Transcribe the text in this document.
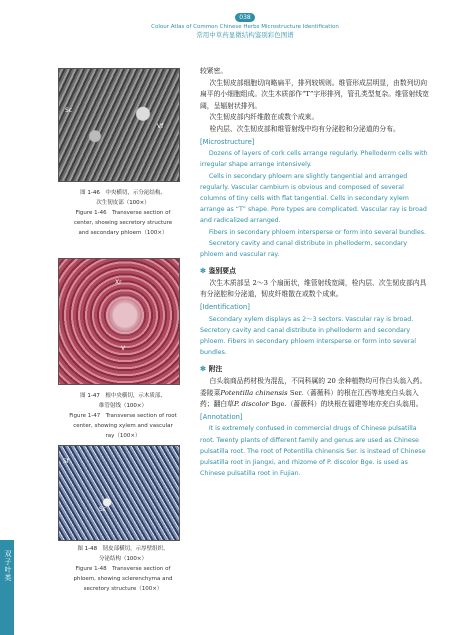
038
Colour Atlas of Common Chinese Herbs Microstructure Identification
常用中草药显微结构鉴别彩色图谱
Sc
Vf
图 1-46　中央横切，示分泌结构、
次生韧皮部（100×）
Figure 1-46　Transverse section of
center, showing secretory structure
and secondary phloem（100×）
Xr
V
图 1-47　根中央横切，示木质部、
维管射线（100×）
Figure 1-47　Transverse section of root
center, showing xylem and vascular
ray（100×）
Sf
Sc
图 1-48　韧皮部横切，示厚壁组织、
分泌结构（100×）
Figure 1-48　Transverse section of
phloem, showing sclerenchyma and
secretory structure（100×）

较紧密。

次生韧皮部细胞切向略扁平，排列较规则。维管形成层明显，由数列切向扁平的小细胞组成。次生木质部作“T”字形排列，管孔类型复杂。维管射线宽阔，呈辐射状排列。

次生韧皮部内纤维散在或数个成束。

栓内层、次生韧皮部和维管射线中均有分泌腔和分泌道的分布。

[Microstructure]

Dozens of layers of cork cells arrange regularly. Phelloderm cells with irregular shape arrange intensively.

Cells in secondary phloem are slightly tangential and arranged regularly. Vascular cambium is obvious and composed of several columns of tiny cells with flat tangential. Cells in secondary xylem arrange as “T” shape. Pore types are complicated. Vascular ray is broad and radicalized arranged.

Fibers in secondary phloem intersperse or form into several bundles.

Secretory cavity and canal distribute in phelloderm, secondary phloem and vascular ray.

✻ 鉴别要点

次生木质部呈 2～3 个扇面状，维管射线宽阔，栓内层、次生韧皮部内具有分泌腔和分泌道，韧皮纤维散在或数个成束。

[Identification]

Secondary xylem displays as 2～3 sectors. Vascular ray is broad. Secretory cavity and canal distribute in phelloderm and secondary phloem. Fibers in secondary phloem intersperse or form into several bundles.

✻ 附注

白头翁商品药材极为混乱，不同科属的 20 余种植物均可作白头翁入药。委陵菜Potentilla chinensis Ser.（蔷薇科）的根在江西等地充白头翁入药；翻白草P. discolor Bge.（蔷薇科）的块根在福建等地亦充白头翁用。

[Annotation]

It is extremely confused in commercial drugs of Chinese pulsatilla root. Twenty plants of different family and genus are used as Chinese pulsatilla root. The root of Potentilla chinensis Ser. is instead of Chinese pulsatilla root in Jiangxi, and rhizome of P. discolor Bge. is used as Chinese pulsatilla root in Fujian.

双子叶类
